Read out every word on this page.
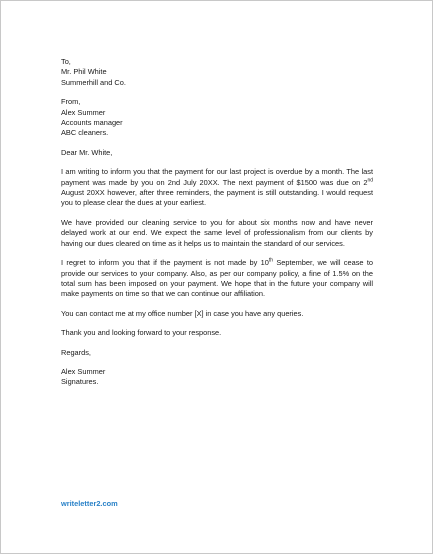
To,
Mr. Phil White
Summerhill and Co.
From,
Alex Summer
Accounts manager
ABC cleaners.
Dear Mr. White,
I am writing to inform you that the payment for our last project is overdue by a month. The last payment was made by you on 2nd July 20XX. The next payment of $1500 was due on 2nd August 20XX however, after three reminders, the payment is still outstanding. I would request you to please clear the dues at your earliest.
We have provided our cleaning service to you for about six months now and have never delayed work at our end. We expect the same level of professionalism from our clients by having our dues cleared on time as it helps us to maintain the standard of our services.
I regret to inform you that if the payment is not made by 10th September, we will cease to provide our services to your company. Also, as per our company policy, a fine of 1.5% on the total sum has been imposed on your payment. We hope that in the future your company will make payments on time so that we can continue our affiliation.
You can contact me at my office number [X] in case you have any queries.
Thank you and looking forward to your response.
Regards,
Alex Summer
Signatures.
writeletter2.com
